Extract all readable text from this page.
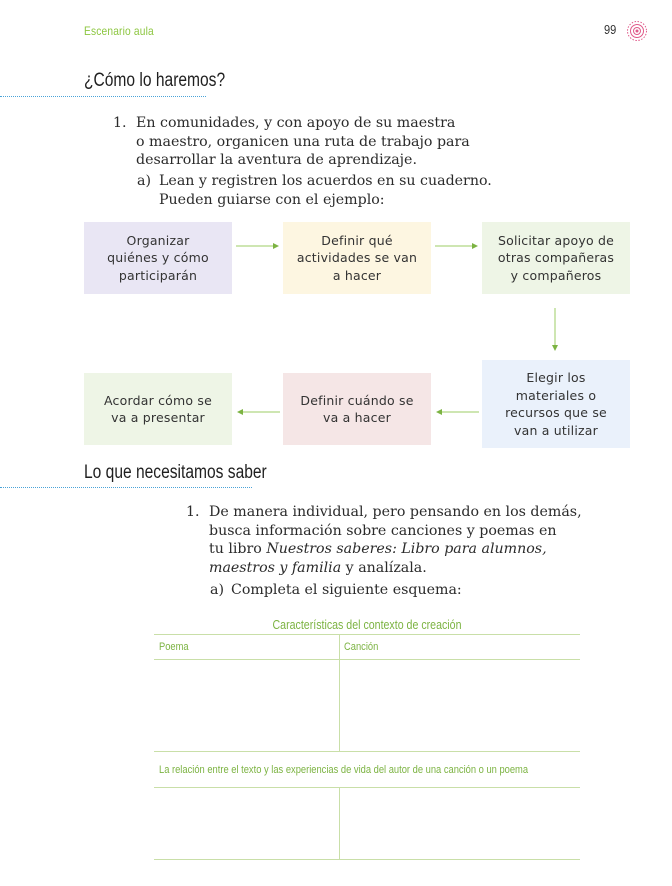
Escenario aula	99
¿Cómo lo haremos?
1. En comunidades, y con apoyo de su maestra
o maestro, organicen una ruta de trabajo para
desarrollar la aventura de aprendizaje.
a) Lean y registren los acuerdos en su cuaderno.
Pueden guiarse con el ejemplo:
Organizar
quiénes y cómo
participarán
Definir qué
actividades se van
a hacer
Solicitar apoyo de
otras compañeras
y compañeros
Elegir los
materiales o
recursos que se
van a utilizar
Definir cuándo se
va a hacer
Acordar cómo se
va a presentar
Lo que necesitamos saber
1. De manera individual, pero pensando en los demás,
busca información sobre canciones y poemas en
tu libro Nuestros saberes: Libro para alumnos,
maestros y familia y analízala.
a) Completa el siguiente esquema:
Características del contexto de creación
Poema	Canción
La relación entre el texto y las experiencias de vida del autor de una canción o un poema
